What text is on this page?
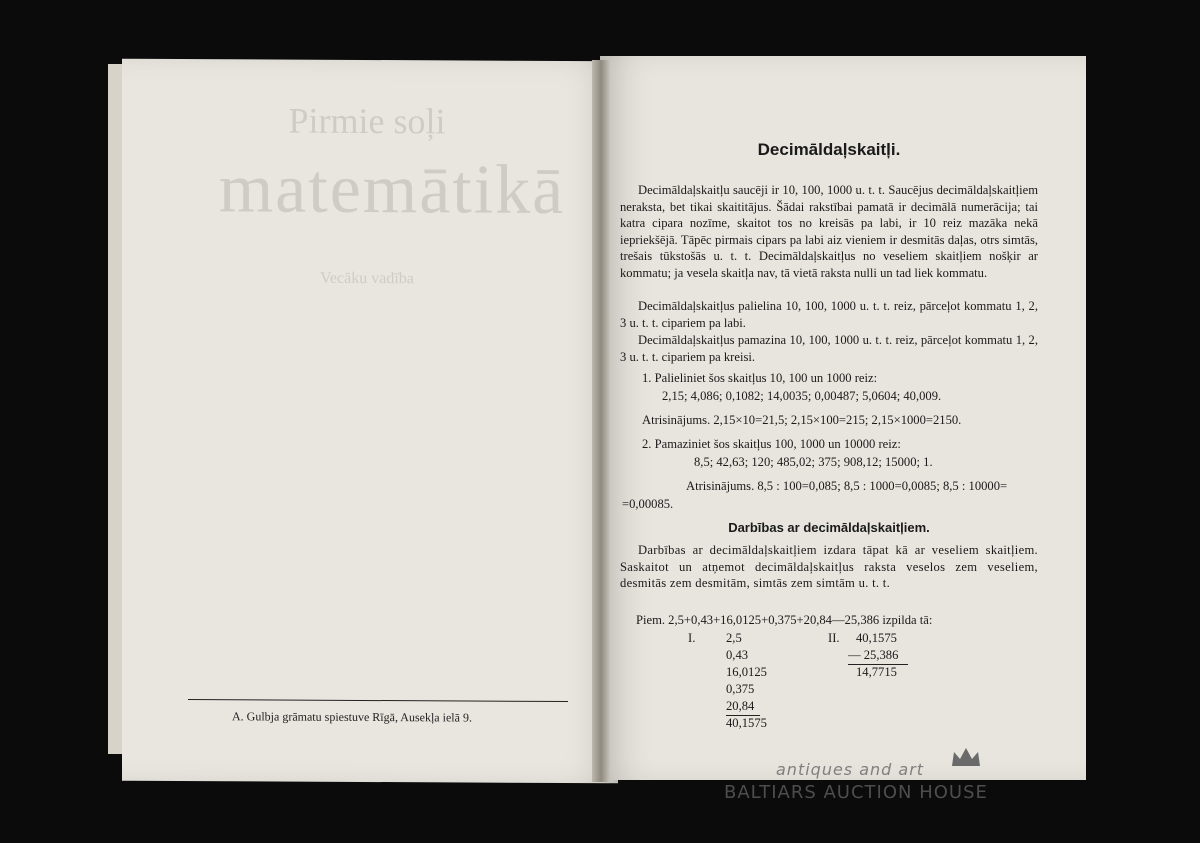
Pirmie soļi
matemātikā
Vecāku vadība
A. Gulbja grāmatu spiestuve Rīgā, Ausekļa ielā 9.
Decimāldaļskaitļi.
Decimāldaļskaitļu saucēji ir 10, 100, 1000 u. t. t. Saucējus decimāldaļskaitļiem neraksta, bet tikai skaititājus. Šādai rakstībai pamatā ir decimālā numerācija; tai katra cipara nozīme, skaitot tos no kreisās pa labi, ir 10 reiz mazāka nekā iepriekšējā. Tāpēc pirmais cipars pa labi aiz vieniem ir desmitās daļas, otrs simtās, trešais tūkstošās u. t. t. Decimāldaļskaitļus no veseliem skaitļiem nošķir ar kommatu; ja vesela skaitļa nav, tā vietā raksta nulli un tad liek kommatu.
Decimāldaļskaitļus palielina 10, 100, 1000 u. t. t. reiz, pārceļot kommatu 1, 2, 3 u. t. t. cipariem pa labi.
Decimāldaļskaitļus pamazina 10, 100, 1000 u. t. t. reiz, pārceļot kommatu 1, 2, 3 u. t. t. cipariem pa kreisi.
1. Palieliniet šos skaitļus 10, 100 un 1000 reiz:
2,15; 4,086; 0,1082; 14,0035; 0,00487; 5,0604; 40,009.
Atrisinājums. 2,15×10=21,5; 2,15×100=215; 2,15×1000=2150.
2. Pamaziniet šos skaitļus 100, 1000 un 10000 reiz:
8,5; 42,63; 120; 485,02; 375; 908,12; 15000; 1.
Atrisinājums. 8,5 : 100=0,085; 8,5 : 1000=0,0085; 8,5 : 10000=
=0,00085.
Darbības ar decimāldaļskaitļiem.
Darbības ar decimāldaļskaitļiem izdara tāpat kā ar veseliem skaitļiem. Saskaitot un atņemot decimāldaļskaitļus raksta veselos zem veseliem, desmitās zem desmitām, simtās zem simtām u. t. t.
Piem. 2,5+0,43+16,0125+0,375+20,84—25,386 izpilda tā:
I. 2,5
0,43
16,0125
0,375
20,84
40,1575
II. 40,1575
— 25,386
14,7715
antiques and art
BALTIARS AUCTION HOUSE
